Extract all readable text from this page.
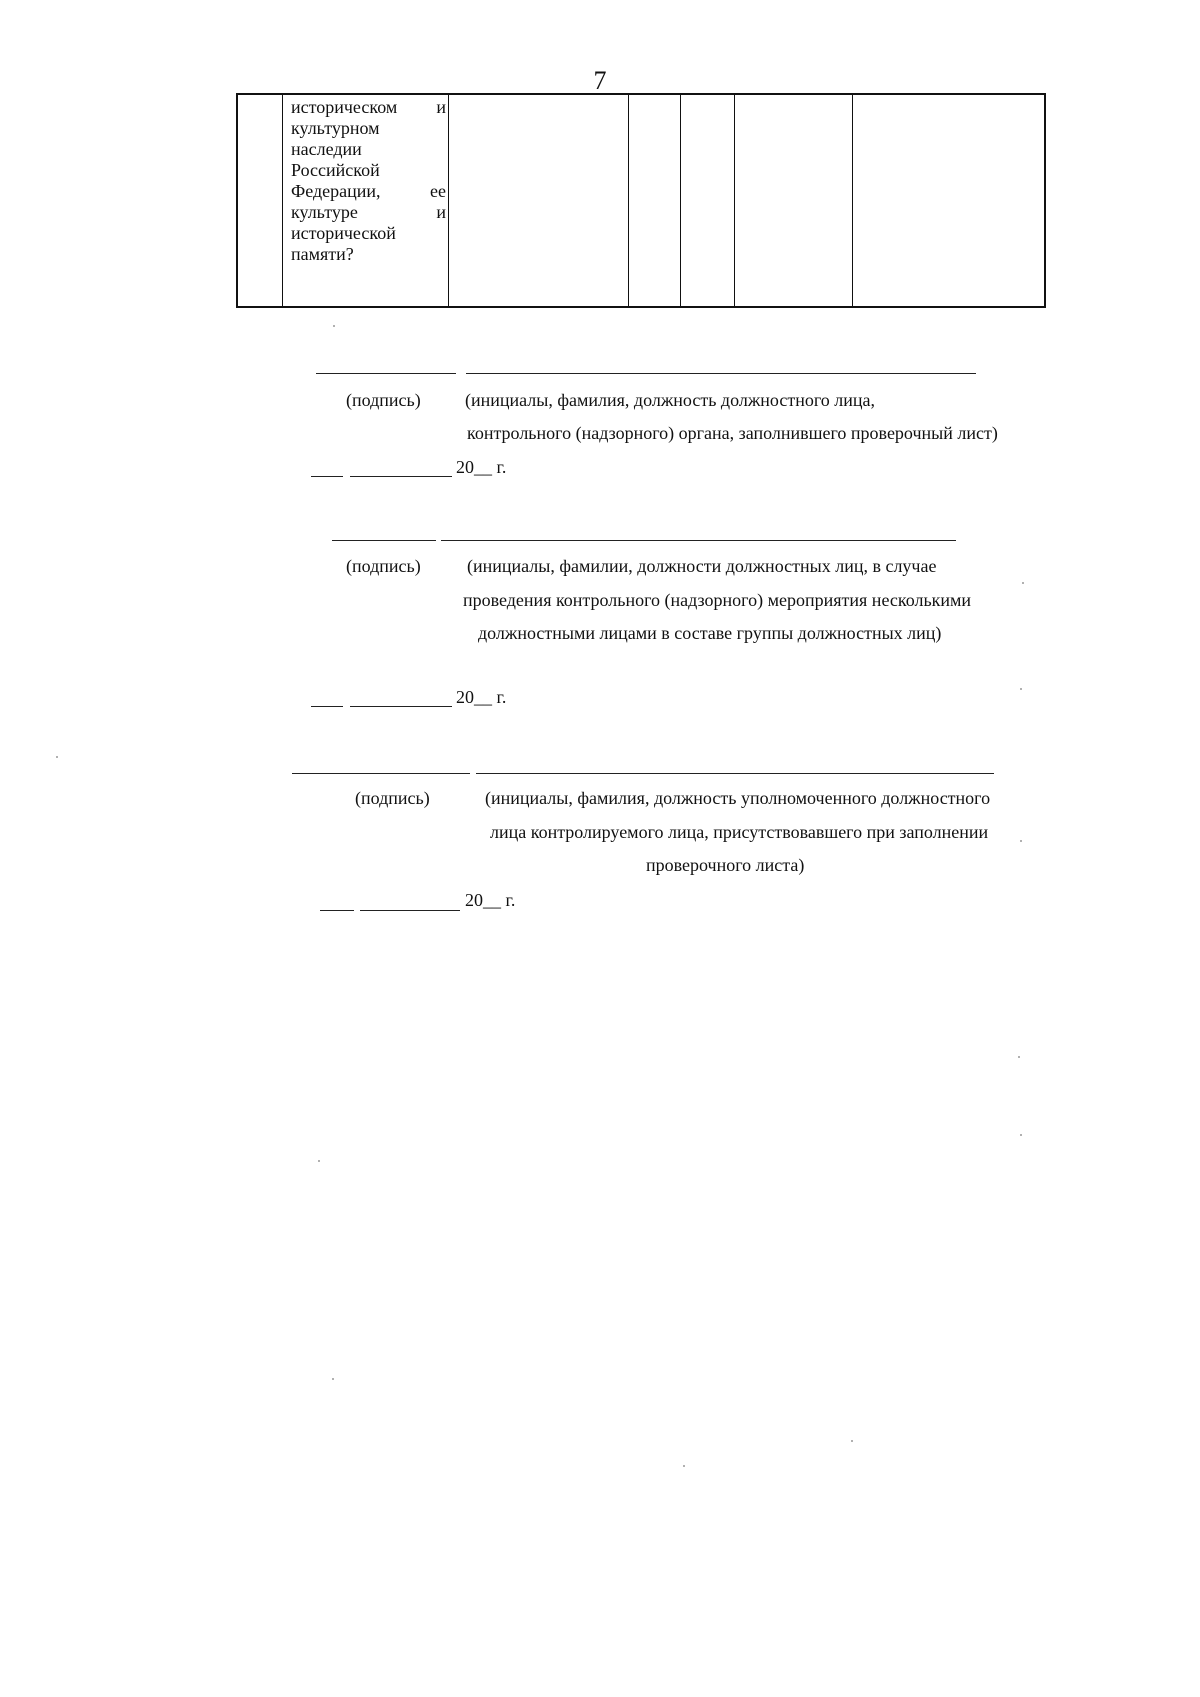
7

историческом и
культурном
наследии
Российской
Федерации, ее
культуре и
исторической
памяти?

(подпись)	(инициалы, фамилия, должность должностного лица,
контрольного (надзорного) органа, заполнившего проверочный лист)
20__ г.
(подпись)	(инициалы, фамилии, должности должностных лиц, в случае
проведения контрольного (надзорного) мероприятия несколькими
должностными лицами в составе группы должностных лиц)
20__ г.
(подпись)	(инициалы, фамилия, должность уполномоченного должностного
лица контролируемого лица, присутствовавшего при заполнении
проверочного листа)
20__ г.
